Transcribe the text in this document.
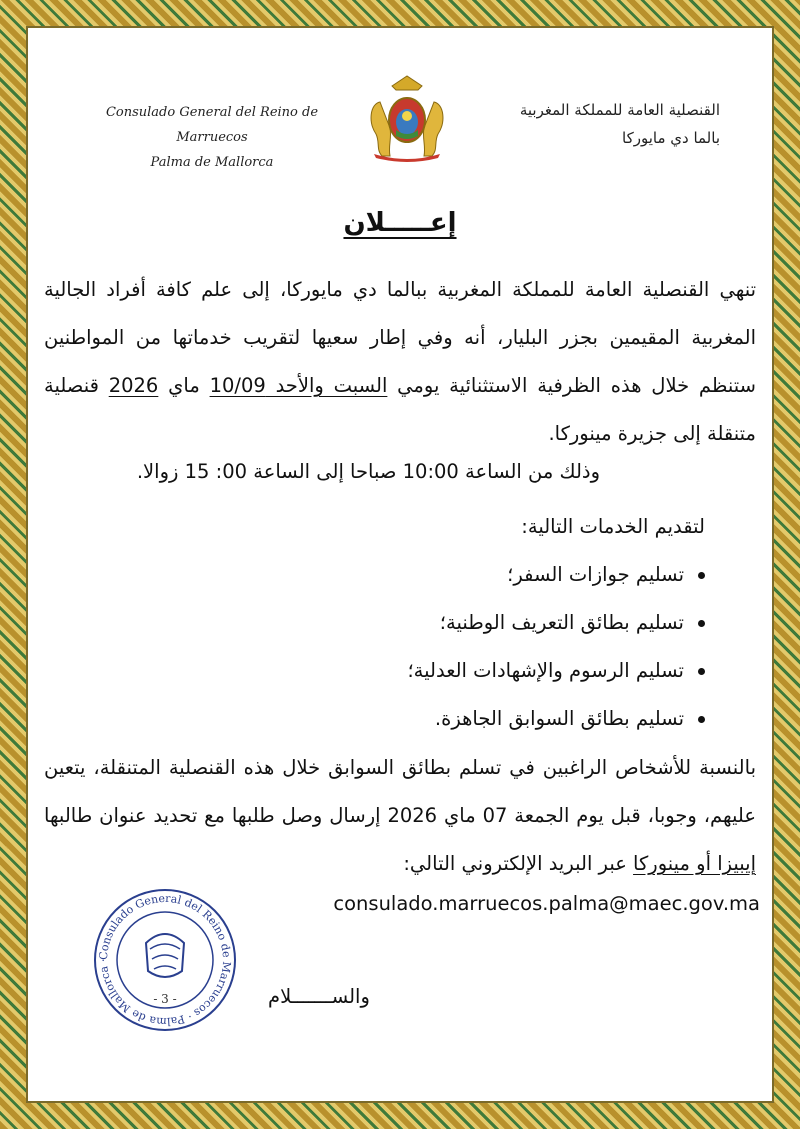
Consulado General del Reino de Marruecos
Palma de Mallorca
القنصلية العامة للمملكة المغربية
بالما دي مايوركا
إعـــــلان
تنهي القنصلية العامة للمملكة المغربية ببالما دي مايوركا، إلى علم كافة أفراد الجالية المغربية المقيمين بجزر البليار، أنه وفي إطار سعيها لتقريب خدماتها من المواطنين ستنظم خلال هذه الظرفية الاستثنائية يومي السبت والأحد 10/09 ماي 2026 قنصلية متنقلة إلى جزيرة مينوركا.
وذلك من الساعة 10:00 صباحا إلى الساعة 00: 15 زوالا.
لتقديم الخدمات التالية:
تسليم جوازات السفر؛
تسليم بطائق التعريف الوطنية؛
تسليم الرسوم والإشهادات العدلية؛
تسليم بطائق السوابق الجاهزة.
بالنسبة للأشخاص الراغبين في تسلم بطائق السوابق خلال هذه القنصلية المتنقلة، يتعين عليهم، وجوبا، قبل يوم الجمعة 07 ماي 2026 إرسال وصل طلبها مع تحديد عنوان طالبها إيبيزا أو مينوركا عبر البريد الإلكتروني التالي:
consulado.marruecos.palma@maec.gov.ma
والســـــــلام
Consulado General del Reino de Marruecos · Palma de Mallorca ·
- 3 -
